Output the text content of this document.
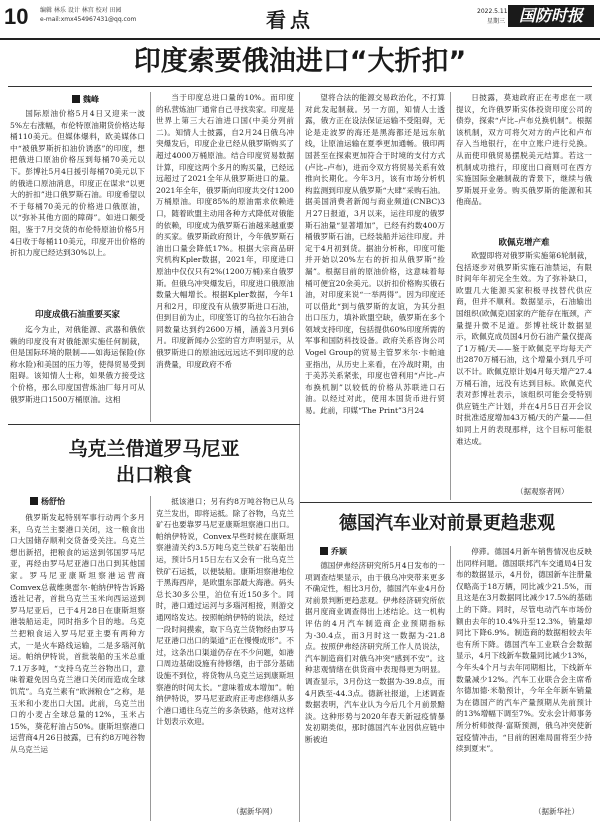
10 编辑 林乐 设计 林宫 校对 田园
e-mail:xmx454967431@qq.com	看点	2022.5.11
星期三 国防时报
印度索要俄油进口“大折扣”
魏峰

国际原油价格5月4日又迎来一波5%左右涨幅，布伦特原油期货价格达每桶110美元。但媒体爆料，欧美媒体口中“被俄罗斯折扣油价诱惑”的印度，想把俄进口原油价格压到每桶70美元以下。彭博社5月4日援引每桶70美元以下的俄进口原油消息，印度正在谋求“以更大的折扣”进口俄罗斯石油。印度希望以不于每桶70美元的价格进口俄原油，以“弥补其他方面的障碍”。如进口额受阻，鉴于7月交货的布伦特原油价格5月4日收于每桶110美元，印度开出价格的折扣力度已经达到30%以上。

印度成俄石油重要买家

迄今为止，对俄能源、武器和俄依赖的印度没有对俄能源实施任何制裁，但是国际环境的限制——如海运保险(你称水险)和美国的压力等，使得贸易受到阻碍。该知情人士称，如果俄方接受这个价格，那么印度国营炼油厂每月可从俄罗斯进口1500万桶原油。这相

当于印度总进口量的10%。而印度的私营炼油厂通常自己寻找卖家。印度是世界上第三大石油进口国(中美分列前二)。知情人士披露，自2月24日俄乌冲突爆发后，印度企业已经从俄罗斯购买了超过4000万桶原油。结合印度贸易数据计算，印度这两个多月的购买量，已经远远超过了2021全年从俄罗斯进口的量。2021年全年，俄罗斯向印度共交付1200万桶原油。印度85%的原油需求依赖进口，随着欧盟主动用各种方式降低对俄能的依赖，印度成为俄罗斯石油越来越重要的买家。俄罗斯政府预计，今年俄罗斯石油出口量会降低17%。根据大宗商品研究机构Kpler数据，2021年，印度进口原油中仅仅只有2%(1200万桶)来自俄罗斯。但俄乌冲突爆发后，印度进口俄原油数量大幅增长。根据Kpler数据，今年1月和2月，印度没有从俄罗斯进口石油，但到目前为止，印度签订的乌拉尔石油合同数量达到约2600万桶，涵盖3月到6月。印度新闻办公室的官方声明显示，从俄罗斯进口的原油远远远达不到印度的总消费量，印度政府不希

望将合法的能源交易政治化，不打算对此发起制裁。另一方面，知情人士透露，俄方正在设法保证运输不受阻碍，无论是走波罗的海还是黑海都还是远东航线，让原油运输在夏季更加通畅。俄印两国甚至在探索更加符合于时境的支付方式(卢比–卢布)，进而令双方将贸易关系有效推向长期化。今年3月，该有市场分析机构监测到印度从俄罗斯“大肆”采购石油。据美国消费者新闻与商业频道(CNBC)3月27日报道，3月以来，运往印度的俄罗斯石油量“显著增加”，已经有约数400万桶俄罗斯石油，已经装船并运往印度。并定于4月初到货。据油分析称，印度可能并开始以20%左右的折扣从俄罗斯“捡漏”。根据目前的原油价格，这意味着每桶可便宜20余美元。以折扣价格购买俄石油，对印度来说“一举两得”。因为印度还可以借此“到与俄罗斯的友谊，为其分担出口压力，填补欧盟空缺，俄罗斯在多个领域支持印度，包括提供60%印度所需的军事和国防科技设备。政府关系咨询公司Vogel Group的贸易主管罗米尔·卡帕迪亚指出，从历史上来看，在冷战时期，由于美苏关系紧张，印度也曾利用“卢比–卢布换机制”以较低的价格从苏联进口石油。以经过对此，使用本国货币进行贸易。此前，印媒“The Print”3月24

日披露，莫迪政府正在考虑在一项提议，允许俄罗斯实体投资印度公司的债券，探索“卢比–卢布兑换机制”。根据该机制，双方可将欠对方的卢比和卢布存入当地银行，在中立账户进行兑换。从而使印俄贸易摆脱美元结算。若这一机制成功推行，印度出口商则可在西方实施国际金融制裁的背景下，继续与俄罗斯展开业务。购买俄罗斯的能源和其他商品。

欧佩克增产难

欧盟即将对俄罗斯实施第6轮制裁，包括逐步对俄罗斯实施石油禁运，有限时间年年初完全生效。为了弥补缺口，欧盟几大能源买家积极寻找替代供应商，但并不顺利。数据显示，石油输出国组织(欧佩克)国家的产能存在瓶颈，产量提升微不足道。彭博社统计数据显示，欧佩克成员国4月份石油产量仅提高了1万桶/天——鉴于欧佩克平均每天产出2870万桶石油，这个增量小到几乎可以不计。欧佩克原计划4月每天增产27.4万桶石油，远没有达到目标。欧佩克代表对彭博社表示，该组织可能会受特别供应链生产计划，并在4月5日召开会议时批准适度增加43万桶/天的产量——但如同上月的表现那样，这个目标可能很难达成。

（据观察者网）
乌克兰借道罗马尼亚
出口粮食
杨舒怡

俄罗斯发起特别军事行动两个多月来，乌克兰主要港口关闭，这一粮食出口大国储存顺利交货备受关注。乌克兰想出新招，把粮食的运送到邻国罗马尼亚，再经由罗马尼亚港口出口到其他国家。罗马尼亚康斯坦察港运营商Comvex总裁维奥雷尔·帕纳伊特告诉路透社记者，首批乌克兰玉米向西运送到罗马尼亚后，已于4月28日在康斯坦察港装船运走，同时指多个目的地。乌克兰把粮食运入罗马尼亚主要有两种方式，一是火车路线运输，二是多瑙河航运。帕纳伊特说，首批装船的玉米总重7.1万多吨，“支持乌克兰谷物出口，意味着避免因乌克兰港口关闭而造成全球饥荒”。乌克兰素有“欧洲粮仓”之称，是玉米和小麦出口大国。此前，乌克兰出口的小麦占全球总量的12%，玉米占15%，葵花籽油占50%。康斯坦察港口运营商4月26日披露，已有约8万吨谷物从乌克兰运

抵该港口；另有约8万吨谷物已从乌克兰发出，即将运抵。除了谷物，乌克兰矿石也要靠罗马尼亚康斯坦察港口出口。帕纳伊特说，Convex早些时候在康斯坦察港清关约3.5万吨乌克兰铁矿石装船出运，预计5月15日左右又会有一批乌克兰铁矿石运抵，以便装船。康斯坦察港地位于黑海西岸，是欧盟东部最大海港。码头总长30多公里，泊位有近150多个。同时，港口通过运河与多瑙河相接，则游交通网络发达。按照帕纳伊特的说法，经过一段时间摸索，取下乌克兰货物经由罗马尼亚港口出口的渠道“正在慢慢成形”。不过，这条出口渠道仍存在不少问题，如港口周边基础设施有待修缮，由于部分基础设施不到位，将货物从乌克兰运到康斯坦察港的时间太长。“意味着成本增加”。帕纳伊特说，罗马尼亚政府正考虑修缮从多个港口通往乌克兰的多条铁路，他对这样计划表示欢迎。

（据新华网）
德国汽车业对前景更趋悲观
乔颖

德国伊弗经济研究所5月4日发布的一项调查结果显示，由于俄乌冲突带来更多不确定性，相比3月份，德国汽车业4月份对前景判断更趋悲观。伊弗经济研究所依据月度商业调查得出上述结论。这一机构评估的4月汽车制造商企业预期指标为-30.4点，而3月时这一数据为-21.8点。按照伊弗经济研究所工作人员说法，汽车制造商们对俄乌冲突“感到不安”。这种悲观情绪在供货商中表现得更为明显。调查显示，3月份这一数据为-39.8点，而4月跌至-44.3点。德新社报道，上述调查数据表明，汽车业认为今后几个月前景黯淡。这种形势与2020年春天新冠疫情暴发初期类似，那时德国汽车业因供应链中断被迫

停滞。德国4月新车销售情况也反映出同样问题。德国联邦汽车交通局4日发布的数据显示，4月份，德国新车注册量仅略高于18万辆，同比减少21.5%，而且这是在3月数据同比减少17.5%的基础上的下降。同时，尽管电动汽车市场份额由去年的10.4%升至12.3%，销量却同比下降6.9%。制造商的数据相较去年也有所下降。德国汽车工业联合会数据显示，4月下线新车数量同比减少13%，今年头4个月与去年同期相比，下线新车数量减少12%。汽车工业联合会主席希尔德加德·米勒预计，今年全年新车销量为在德国产的汽车产量预期从先前预计的13%增幅下调至7%。安永会计师事务所分析师彼得·富斯预测，俄乌冲突使新冠疫情冲击，“目前的困难局面将至少持续到夏末”。

（据新华社）
